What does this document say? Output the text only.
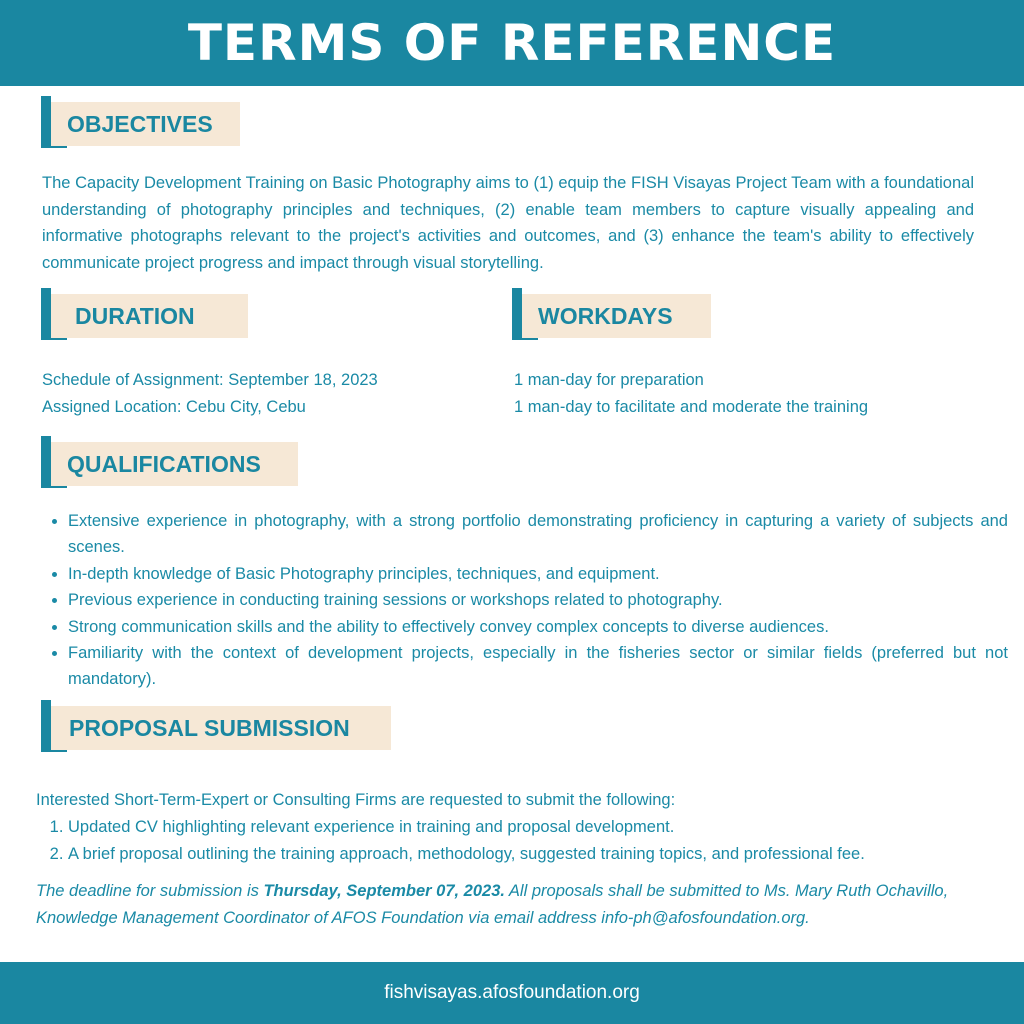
TERMS OF REFERENCE
OBJECTIVES

The Capacity Development Training on Basic Photography aims to (1) equip the FISH Visayas Project Team with a foundational understanding of photography principles and techniques, (2) enable team members to capture visually appealing and informative photographs relevant to the project's activities and outcomes, and (3) enhance the team's ability to effectively communicate project progress and impact through visual storytelling.

DURATION
Schedule of Assignment: September 18, 2023
Assigned Location: Cebu City, Cebu
WORKDAYS
1 man-day for preparation
1 man-day to facilitate and moderate the training
QUALIFICATIONS
• Extensive experience in photography, with a strong portfolio demonstrating proficiency in capturing a variety of subjects and scenes.
• In-depth knowledge of Basic Photography principles, techniques, and equipment.
• Previous experience in conducting training sessions or workshops related to photography.
• Strong communication skills and the ability to effectively convey complex concepts to diverse audiences.
• Familiarity with the context of development projects, especially in the fisheries sector or similar fields (preferred but not mandatory).
PROPOSAL SUBMISSION
Interested Short-Term-Expert or Consulting Firms are requested to submit the following:
1. Updated CV highlighting relevant experience in training and proposal development.
2. A brief proposal outlining the training approach, methodology, suggested training topics, and professional fee.

The deadline for submission is Thursday, September 07, 2023. All proposals shall be submitted to Ms. Mary Ruth Ochavillo, Knowledge Management Coordinator of AFOS Foundation via email address info-ph@afosfoundation.org.

fishvisayas.afosfoundation.org
